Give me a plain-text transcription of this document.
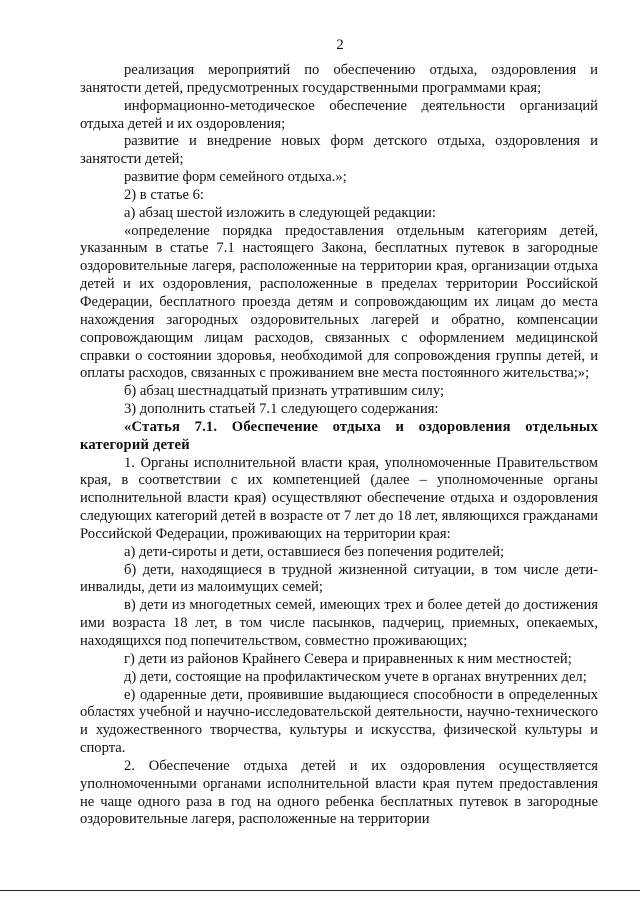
2

реализация мероприятий по обеспечению отдыха, оздоровления и занятости детей, предусмотренных государственными программами края;

информационно-методическое обеспечение деятельности организаций отдыха детей и их оздоровления;

развитие и внедрение новых форм детского отдыха, оздоровления и занятости детей;

развитие форм семейного отдыха.»;

2) в статье 6:

а) абзац шестой изложить в следующей редакции:

«определение порядка предоставления отдельным категориям детей, указанным в статье 7.1 настоящего Закона, бесплатных путевок в загородные оздоровительные лагеря, расположенные на территории края, организации отдыха детей и их оздоровления, расположенные в пределах территории Российской Федерации, бесплатного проезда детям и сопровождающим их лицам до места нахождения загородных оздоровительных лагерей и обратно, компенсации сопровождающим лицам расходов, связанных с оформлением медицинской справки о состоянии здоровья, необходимой для сопровождения группы детей, и оплаты расходов, связанных с проживанием вне места постоянного жительства;»;

б) абзац шестнадцатый признать утратившим силу;

3) дополнить статьей 7.1 следующего содержания:

«Статья 7.1. Обеспечение отдыха и оздоровления отдельных категорий детей

1. Органы исполнительной власти края, уполномоченные Правительством края, в соответствии с их компетенцией (далее – уполномоченные органы исполнительной власти края) осуществляют обеспечение отдыха и оздоровления следующих категорий детей в возрасте от 7 лет до 18 лет, являющихся гражданами Российской Федерации, проживающих на территории края:

а) дети-сироты и дети, оставшиеся без попечения родителей;

б) дети, находящиеся в трудной жизненной ситуации, в том числе дети-инвалиды, дети из малоимущих семей;

в) дети из многодетных семей, имеющих трех и более детей до достижения ими возраста 18 лет, в том числе пасынков, падчериц, приемных, опекаемых, находящихся под попечительством, совместно проживающих;

г) дети из районов Крайнего Севера и приравненных к ним местностей;

д) дети, состоящие на профилактическом учете в органах внутренних дел;

е) одаренные дети, проявившие выдающиеся способности в определенных областях учебной и научно-исследовательской деятельности, научно-технического и художественного творчества, культуры и искусства, физической культуры и спорта.

2. Обеспечение отдыха детей и их оздоровления осуществляется уполномоченными органами исполнительной власти края путем предоставления не чаще одного раза в год на одного ребенка бесплатных путевок в загородные оздоровительные лагеря, расположенные на территории
